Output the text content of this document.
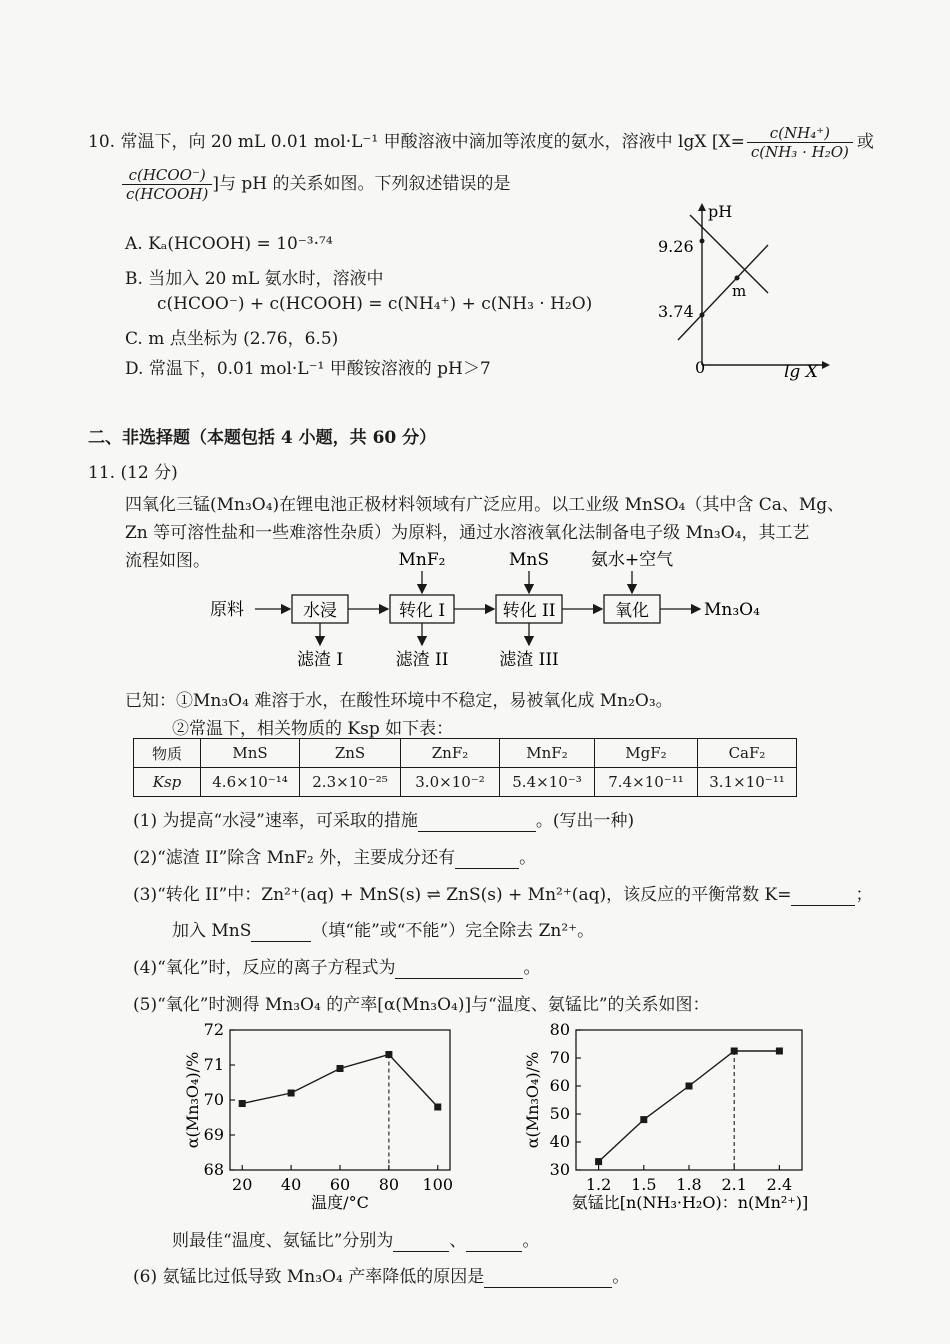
10. 常温下，向 20 mL 0.01 mol·L⁻¹ 甲酸溶液中滴加等浓度的氨水，溶液中 lgX [$X= \frac{\text{c(NH₄⁺)}}{\text{c(NH₃ · H₂O)}}$ 或
$\frac{\text{c(HCOO⁻)}}{\text{c(HCOOH)}}$ ]与 pH 的关系如图。下列叙述错误的是
A. Kₐ(HCOOH) = 10⁻³·⁷⁴
B. 当加入 20 mL 氨水时，溶液中
c(HCOO⁻) + c(HCOOH) = c(NH₄⁺) + c(NH₃ · H₂O)
C. m 点坐标为 (2.76，6.5)
D. 常温下，0.01 mol·L⁻¹ 甲酸铵溶液的 pH＞7
pH
9.26
3.74
0	lg X
m
二、非选择题（本题包括 4 小题，共 60 分）
11. (12 分)
四氧化三锰(Mn₃O₄)在锂电池正极材料领域有广泛应用。以工业级 MnSO₄（其中含 Ca、Mg、
Zn 等可溶性盐和一些难溶性杂质）为原料，通过水溶液氧化法制备电子级 Mn₃O₄，其工艺
流程如图。
原料	水浸	转化 I	转化 II	氧化	Mn₃O₄
MnF₂	MnS 氨水+空气
滤渣 I	滤渣 II	滤渣 III
已知：①Mn₃O₄ 难溶于水，在酸性环境中不稳定，易被氧化成 Mn₂O₃。
②常温下，相关物质的 Ksp 如下表：
物质	MnS	ZnS	ZnF₂	MnF₂	MgF₂	CaF₂
Ksp	4.6×10⁻¹⁴	2.3×10⁻²⁵	3.0×10⁻²	5.4×10⁻³	7.4×10⁻¹¹	3.1×10⁻¹¹
(1) 为提高“水浸”速率，可采取的措施	。(写出一种)
(2)“滤渣 II”除含 MnF₂ 外，主要成分还有	。
(3)“转化 II”中：Zn²⁺(aq) + MnS(s) ⇌ ZnS(s) + Mn²⁺(aq)，该反应的平衡常数 K=	；
加入 MnS	（填“能”或“不能”）完全除去 Zn²⁺。
(4)“氧化”时，反应的离子方程式为	。
(5)“氧化”时测得 Mn₃O₄ 的产率[α(Mn₃O₄)]与“温度、氨锰比”的关系如图：
α(Mn₃O₄)/%
温度/°C
68
69
70
71
72
20 40 60 80 100
α(Mn₃O₄)/%
氨锰比[n(NH₃·H₂O)：n(Mn²⁺)]
30
40
50
60
70
80
1.2 1.5 1.8 2.1 2.4
则最佳“温度、氨锰比”分别为	、	。
(6) 氨锰比过低导致 Mn₃O₄ 产率降低的原因是	。
